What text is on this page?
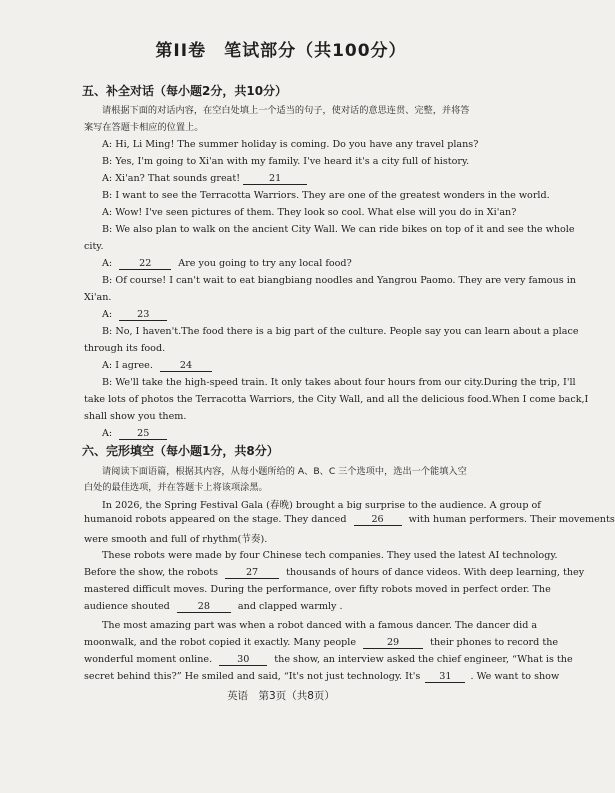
第II卷　笔试部分（共100分）
五、补全对话（每小题2分，共10分）
请根据下面的对话内容，在空白处填上一个适当的句子，使对话的意思连贯、完整，并将答
案写在答题卡相应的位置上。
A: Hi, Li Ming! The summer holiday is coming. Do you have any travel plans?
B: Yes, I'm going to Xi'an with my family. I've heard it's a city full of history.
A: Xi'an? That sounds great!	21
B: I want to see the Terracotta Warriors. They are one of the greatest wonders in the world.
A: Wow! I've seen pictures of them. They look so cool. What else will you do in Xi'an?
B: We also plan to walk on the ancient City Wall. We can ride bikes on top of it and see the whole
city.
A:	22	Are you going to try any local food?
B: Of course! I can't wait to eat biangbiang noodles and Yangrou Paomo. They are very famous in
Xi'an.
A:	23
B: No, I haven't.The food there is a big part of the culture. People say you can learn about a place
through its food.
A: I agree.	24
B: We'll take the high-speed train. It only takes about four hours from our city.During the trip, I'll
take lots of photos the Terracotta Warriors, the City Wall, and all the delicious food.When I come back,I
shall show you them.
A:	25
六、完形填空（每小题1分，共8分）
请阅读下面语篇，根据其内容，从每小题所给的 A、B、C 三个选项中，选出一个能填入空
白处的最佳选项，并在答题卡上将该项涂黑。
In 2026, the Spring Festival Gala (春晚) brought a big surprise to the audience. A group of
humanoid robots appeared on the stage. They danced	26	with human performers. Their movements
were smooth and full of rhythm(节奏).
These robots were made by four Chinese tech companies. They used the latest AI technology.
Before the show, the robots	27	thousands of hours of dance videos. With deep learning, they
mastered difficult moves. During the performance, over fifty robots moved in perfect order. The
audience shouted	28	and clapped warmly .
The most amazing part was when a robot danced with a famous dancer. The dancer did a
moonwalk, and the robot copied it exactly. Many people	29	their phones to record the
wonderful moment online.	30	the show, an interview asked the chief engineer, “What is the
secret behind this?” He smiled and said, “It's not just technology. It's 31 . We want to show
英语　第3页（共8页）
